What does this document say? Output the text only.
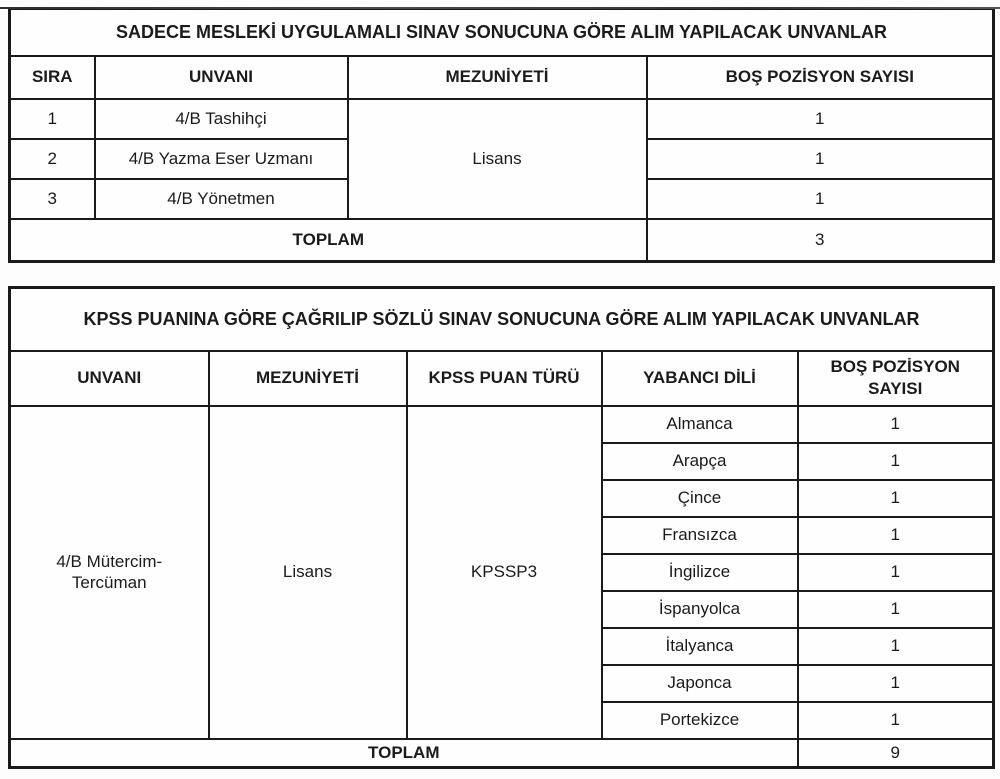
SADECE MESLEKİ UYGULAMALI SINAV SONUCUNA GÖRE ALIM YAPILACAK UNVANLAR			
SIRA	UNVANI	MEZUNİYETİ	BOŞ POZİSYON SAYISI
1	4/B Tashihçi	Lisans	1
2	4/B Yazma Eser Uzmanı		1
3	4/B Yönetmen		1
TOPLAM			3
KPSS PUANINA GÖRE ÇAĞRILIP SÖZLÜ SINAV SONUCUNA GÖRE ALIM YAPILACAK UNVANLAR				
UNVANI	MEZUNİYETİ	KPSS PUAN TÜRÜ	YABANCI DİLİ	BOŞ POZİSYON SAYISI
4/B Mütercim-Tercüman	Lisans	KPSSP3	Almanca	1
			Arapça	1
			Çince	1
			Fransızca	1
			İngilizce	1
			İspanyolca	1
			İtalyanca	1
			Japonca	1
			Portekizce	1
TOPLAM				9
